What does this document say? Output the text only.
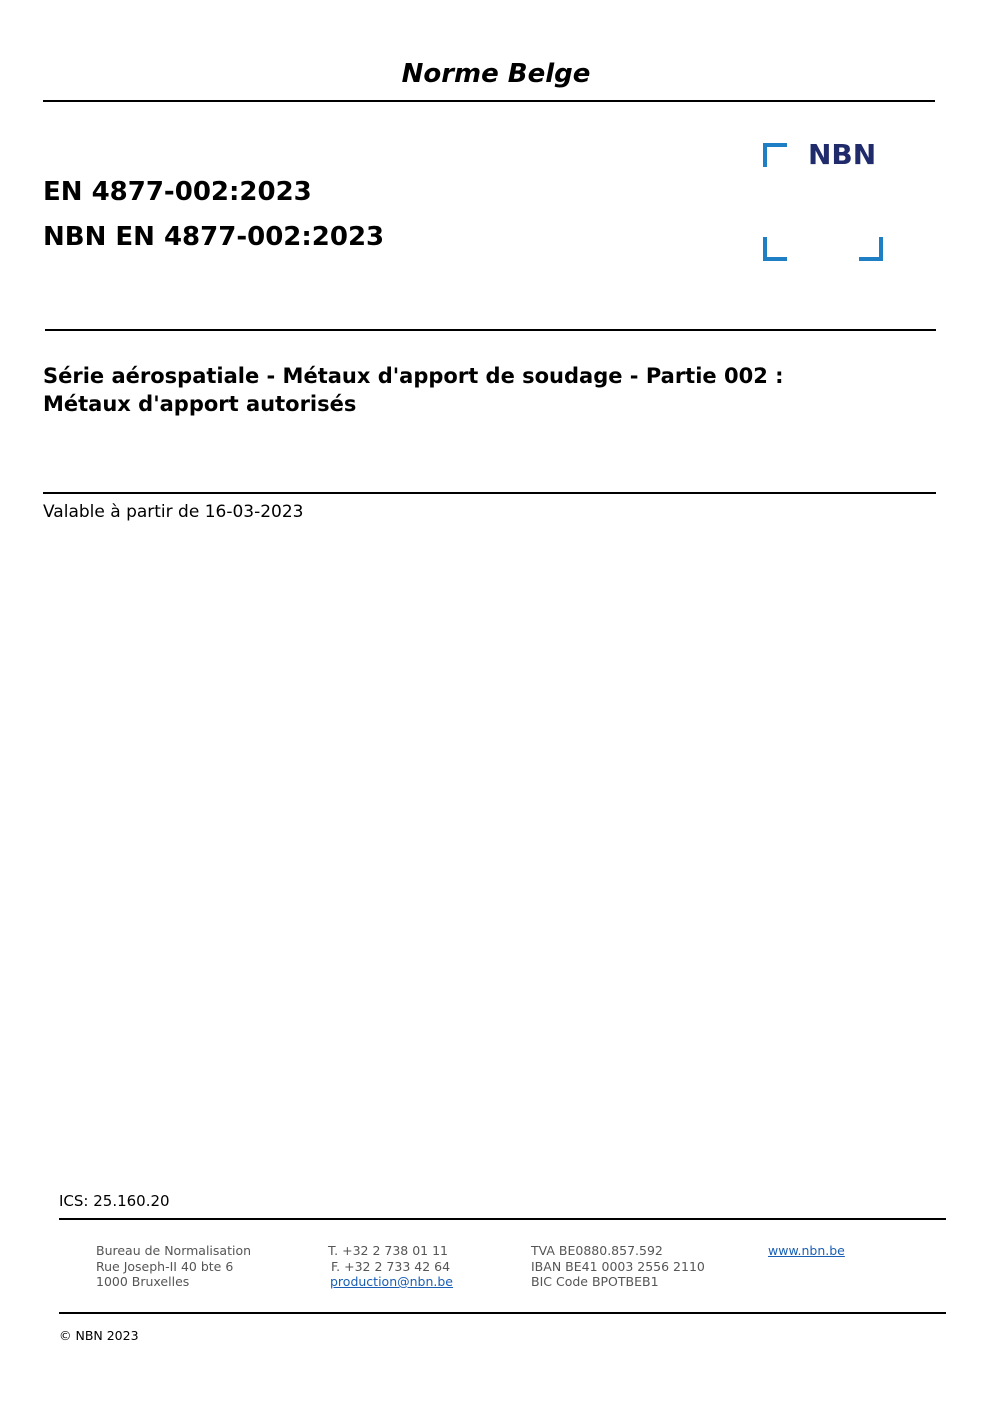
Norme Belge
NBN
EN 4877-002:2023
NBN EN 4877-002:2023
Série aérospatiale - Métaux d'apport de soudage - Partie 002 :
Métaux d'apport autorisés
Valable à partir de 16-03-2023
ICS: 25.160.20
Bureau de Normalisation
Rue Joseph-II 40 bte 6
1000 Bruxelles
T. +32 2 738 01 11
F. +32 2 733 42 64
production@nbn.be
TVA BE0880.857.592
IBAN BE41 0003 2556 2110
BIC Code BPOTBEB1
www.nbn.be
© NBN 2023
